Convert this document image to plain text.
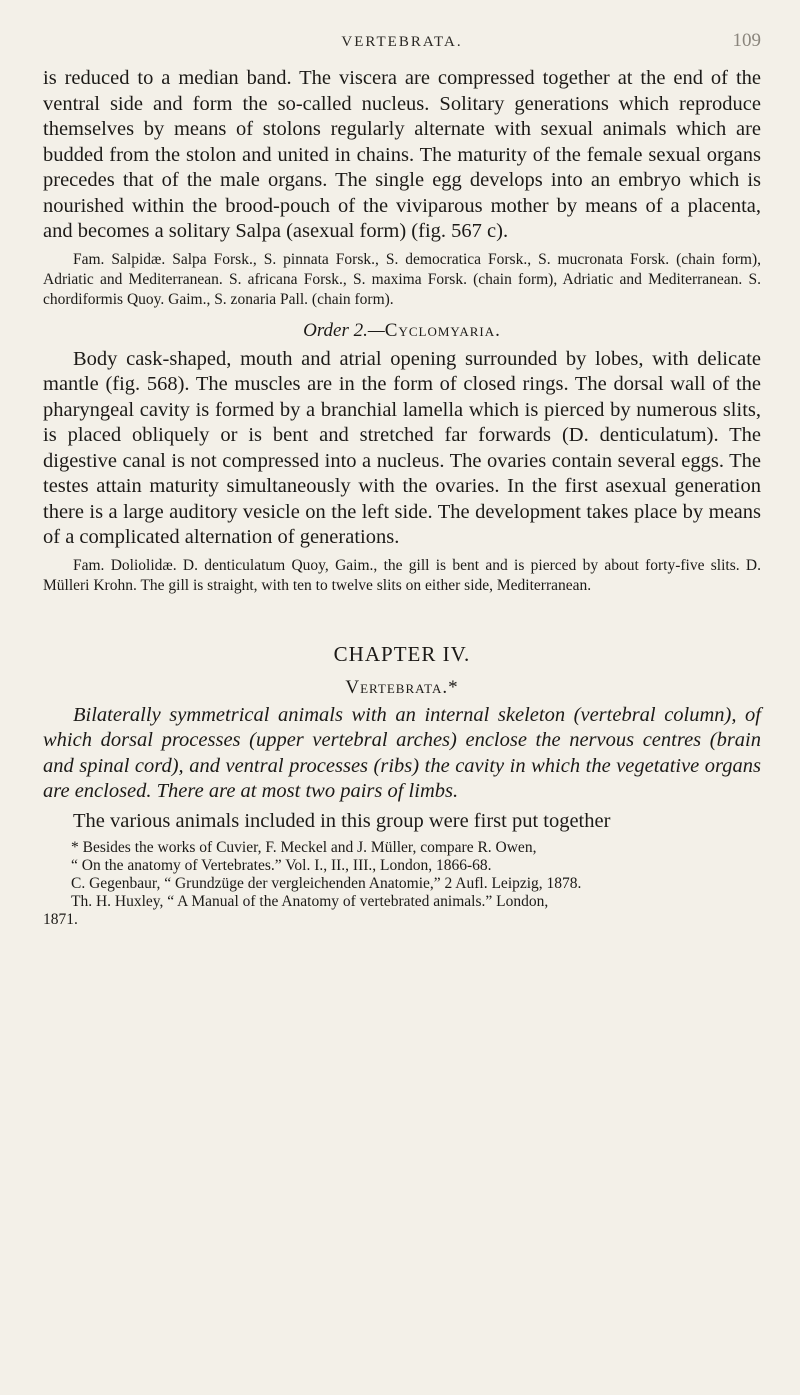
VERTEBRATA.	109

is reduced to a median band. The viscera are compressed together at the end of the ventral side and form the so-called nucleus. Solitary generations which reproduce themselves by means of stolons regularly alternate with sexual animals which are budded from the stolon and united in chains. The maturity of the female sexual organs precedes that of the male organs. The single egg develops into an embryo which is nourished within the brood-pouch of the viviparous mother by means of a placenta, and becomes a solitary Salpa (asexual form) (fig. 567 c).

Fam. Salpidæ. Salpa Forsk., S. pinnata Forsk., S. democratica Forsk., S. mucronata Forsk. (chain form), Adriatic and Mediterranean. S. africana Forsk., S. maxima Forsk. (chain form), Adriatic and Mediterranean. S. chordiformis Quoy. Gaim., S. zonaria Pall. (chain form).

Order 2.—Cyclomyaria.

Body cask-shaped, mouth and atrial opening surrounded by lobes, with delicate mantle (fig. 568). The muscles are in the form of closed rings. The dorsal wall of the pharyngeal cavity is formed by a branchial lamella which is pierced by numerous slits, is placed obliquely or is bent and stretched far forwards (D. denticulatum). The digestive canal is not compressed into a nucleus. The ovaries contain several eggs. The testes attain maturity simultaneously with the ovaries. In the first asexual generation there is a large auditory vesicle on the left side. The development takes place by means of a complicated alternation of generations.

Fam. Doliolidæ. D. denticulatum Quoy, Gaim., the gill is bent and is pierced by about forty-five slits. D. Mülleri Krohn. The gill is straight, with ten to twelve slits on either side, Mediterranean.

CHAPTER IV.
Vertebrata.*

Bilaterally symmetrical animals with an internal skeleton (vertebral column), of which dorsal processes (upper vertebral arches) enclose the nervous centres (brain and spinal cord), and ventral processes (ribs) the cavity in which the vegetative organs are enclosed. There are at most two pairs of limbs.

The various animals included in this group were first put together

* Besides the works of Cuvier, F. Meckel and J. Müller, compare R. Owen,
“ On the anatomy of Vertebrates.” Vol. I., II., III., London, 1866-68.
C. Gegenbaur, “ Grundzüge der vergleichenden Anatomie,” 2 Aufl. Leipzig, 1878.
Th. H. Huxley, “ A Manual of the Anatomy of vertebrated animals.” London,
1871.
